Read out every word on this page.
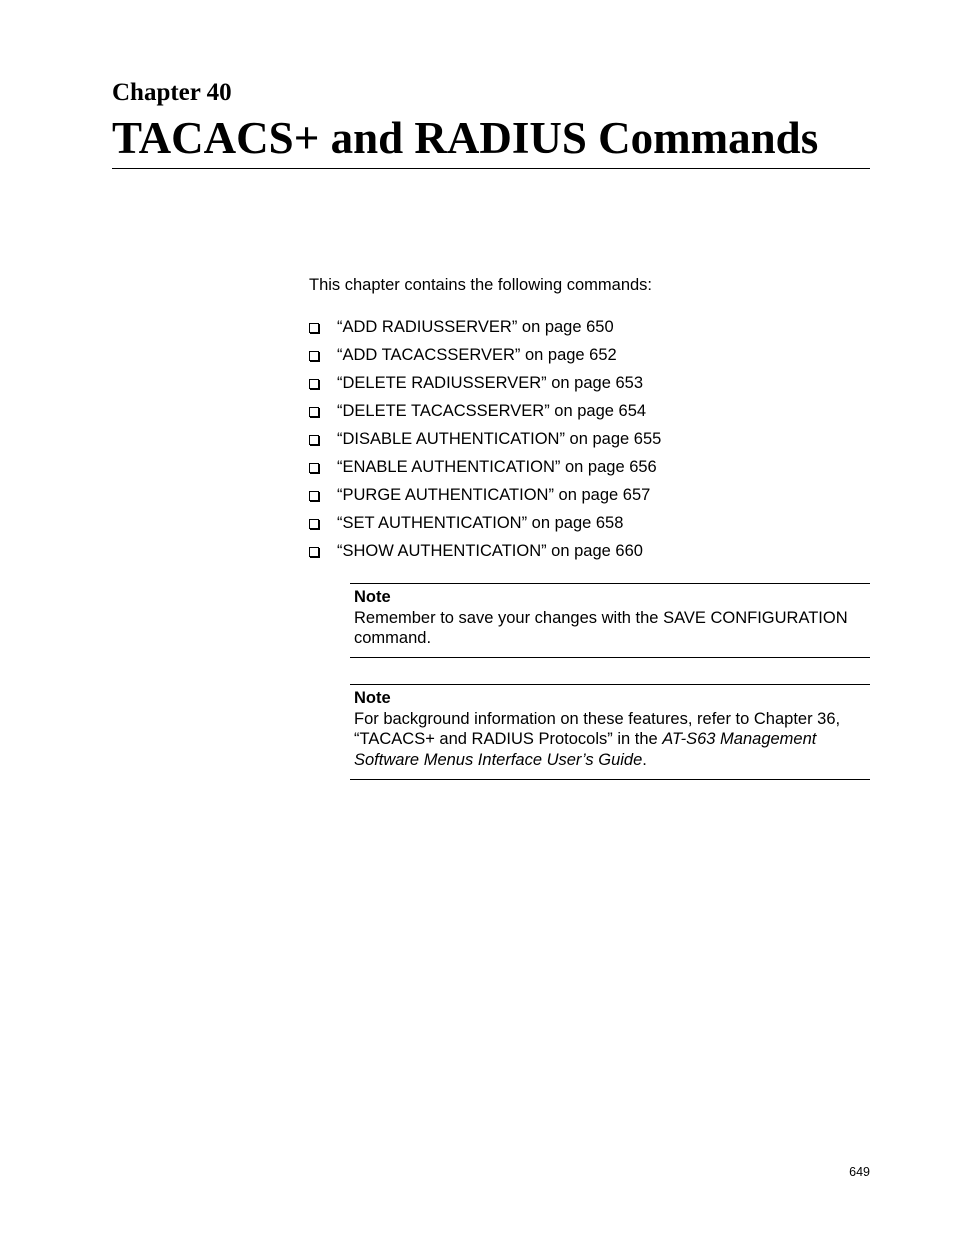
Chapter 40
TACACS+ and RADIUS Commands
This chapter contains the following commands:
“ADD RADIUSSERVER” on page 650
“ADD TACACSSERVER” on page 652
“DELETE RADIUSSERVER” on page 653
“DELETE TACACSSERVER” on page 654
“DISABLE AUTHENTICATION” on page 655
“ENABLE AUTHENTICATION” on page 656
“PURGE AUTHENTICATION” on page 657
“SET AUTHENTICATION” on page 658
“SHOW AUTHENTICATION” on page 660
Note
Remember to save your changes with the SAVE CONFIGURATION command.
Note
For background information on these features, refer to Chapter 36, “TACACS+ and RADIUS Protocols” in the AT-S63 Management Software Menus Interface User’s Guide.
649
